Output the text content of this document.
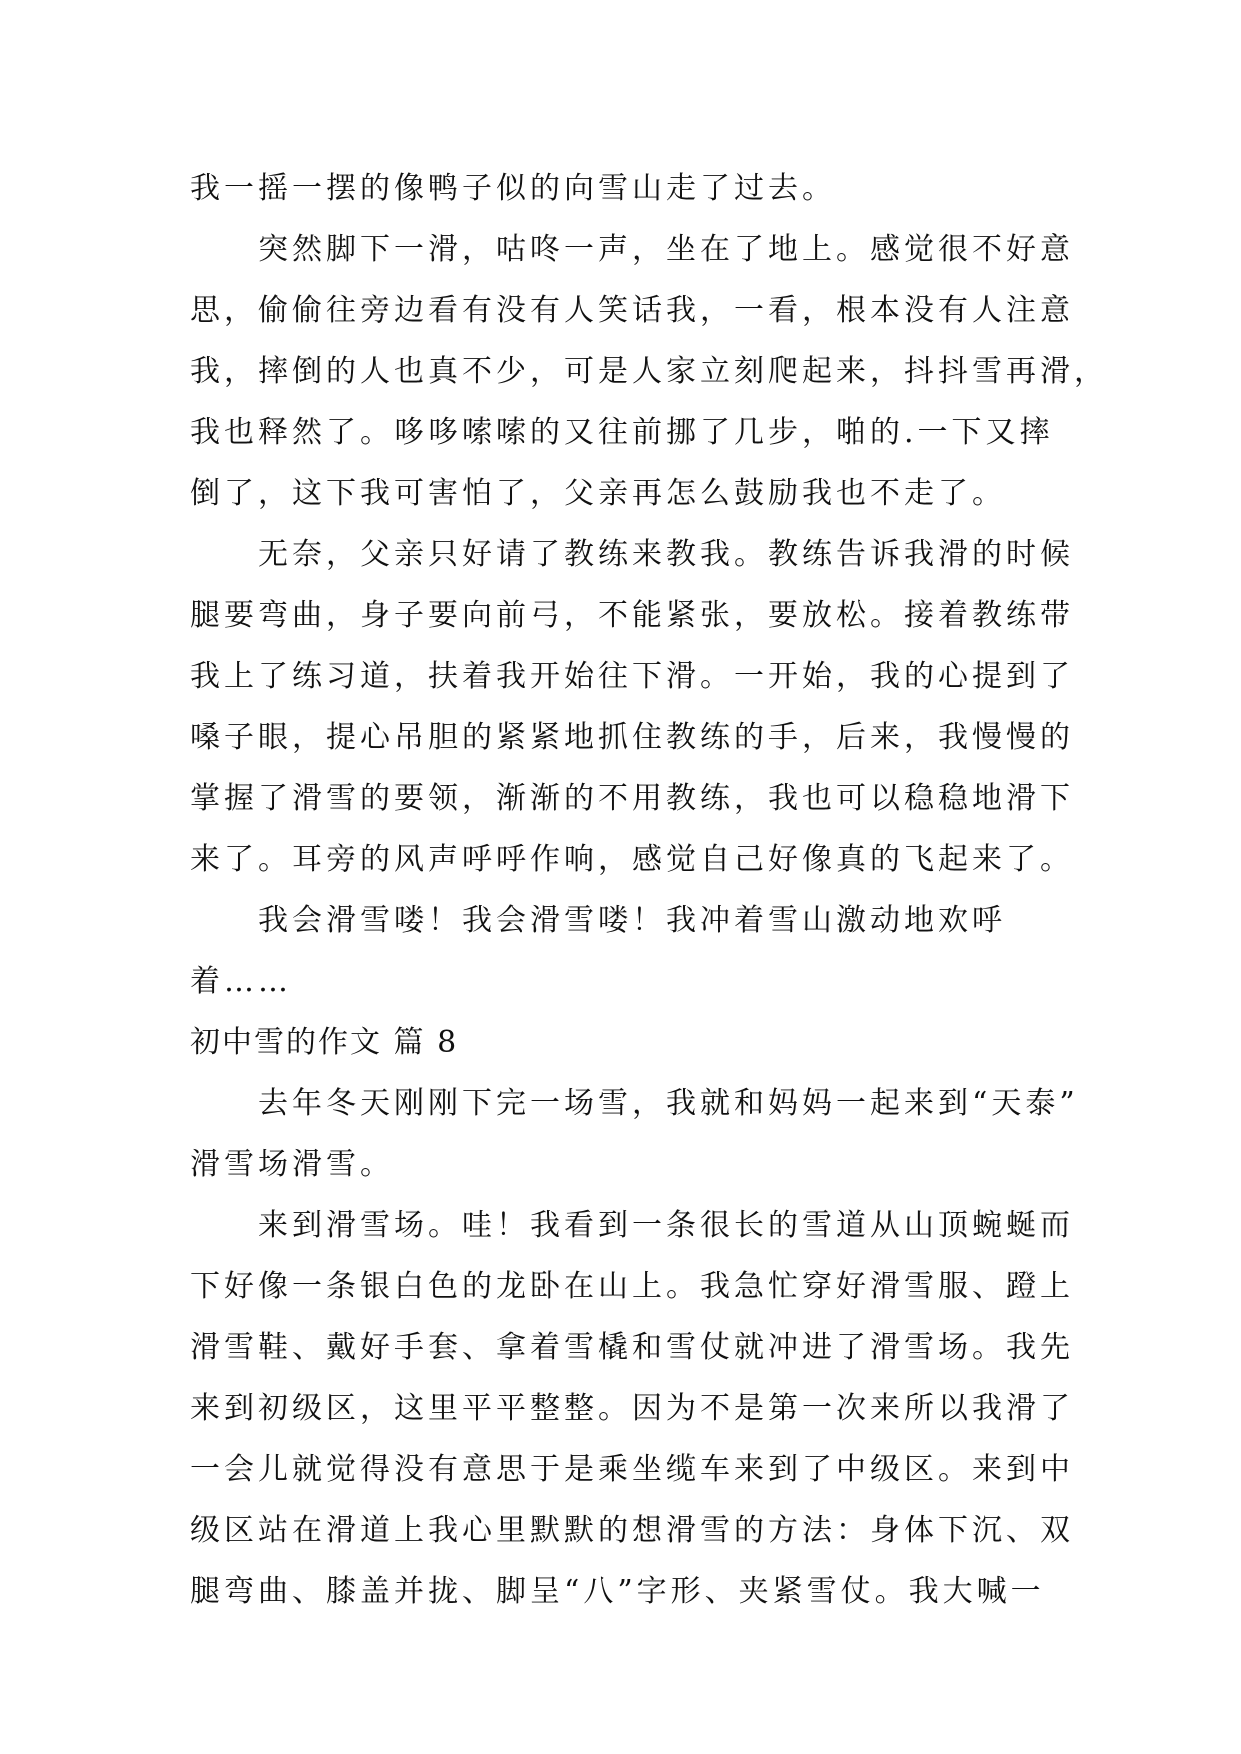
我一摇一摆的像鸭子似的向雪山走了过去。
　　突然脚下一滑，咕咚一声，坐在了地上。感觉很不好意
思，偷偷往旁边看有没有人笑话我，一看，根本没有人注意
我，摔倒的人也真不少，可是人家立刻爬起来，抖抖雪再滑，
我也释然了。哆哆嗦嗦的又往前挪了几步，啪的.一下又摔
倒了，这下我可害怕了，父亲再怎么鼓励我也不走了。
　　无奈，父亲只好请了教练来教我。教练告诉我滑的时候
腿要弯曲，身子要向前弓，不能紧张，要放松。接着教练带
我上了练习道，扶着我开始往下滑。一开始，我的心提到了
嗓子眼，提心吊胆的紧紧地抓住教练的手，后来，我慢慢的
掌握了滑雪的要领，渐渐的不用教练，我也可以稳稳地滑下
来了。耳旁的风声呼呼作响，感觉自己好像真的飞起来了。
　　我会滑雪喽！我会滑雪喽！我冲着雪山激动地欢呼
着……
初中雪的作文 篇 8
　　去年冬天刚刚下完一场雪，我就和妈妈一起来到“天泰”
滑雪场滑雪。
　　来到滑雪场。哇！我看到一条很长的雪道从山顶蜿蜒而
下好像一条银白色的龙卧在山上。我急忙穿好滑雪服、蹬上
滑雪鞋、戴好手套、拿着雪橇和雪仗就冲进了滑雪场。我先
来到初级区，这里平平整整。因为不是第一次来所以我滑了
一会儿就觉得没有意思于是乘坐缆车来到了中级区。来到中
级区站在滑道上我心里默默的想滑雪的方法：身体下沉、双
腿弯曲、膝盖并拢、脚呈“八”字形、夹紧雪仗。我大喊一
